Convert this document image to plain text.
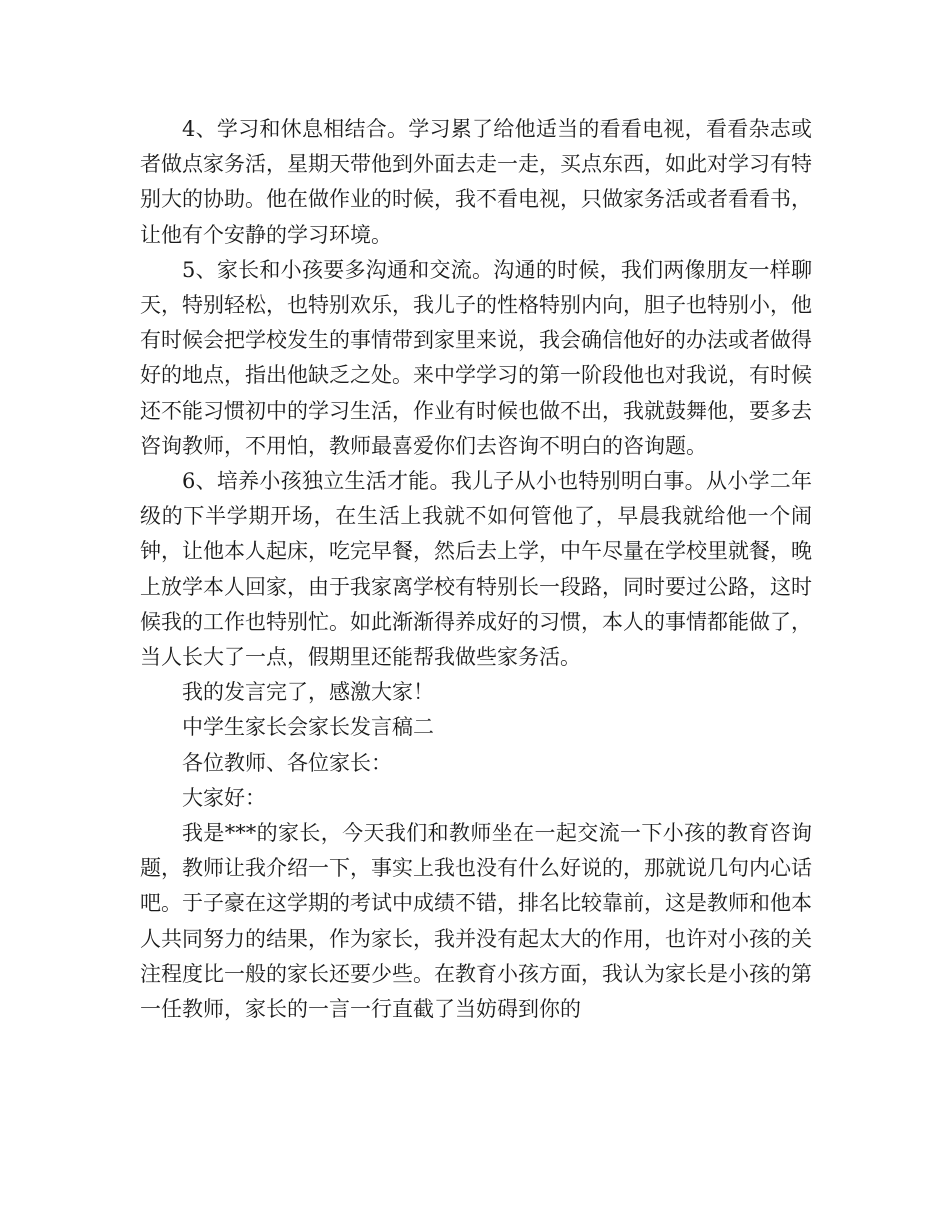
4、学习和休息相结合。学习累了给他适当的看看电视，看看杂志或者做点家务活，星期天带他到外面去走一走，买点东西，如此对学习有特别大的协助。他在做作业的时候，我不看电视，只做家务活或者看看书，让他有个安静的学习环境。

5、家长和小孩要多沟通和交流。沟通的时候，我们两像朋友一样聊天，特别轻松，也特别欢乐，我儿子的性格特别内向，胆子也特别小，他有时候会把学校发生的事情带到家里来说，我会确信他好的办法或者做得好的地点，指出他缺乏之处。来中学学习的第一阶段他也对我说，有时候还不能习惯初中的学习生活，作业有时候也做不出，我就鼓舞他，要多去咨询教师，不用怕，教师最喜爱你们去咨询不明白的咨询题。

6、培养小孩独立生活才能。我儿子从小也特别明白事。从小学二年级的下半学期开场，在生活上我就不如何管他了，早晨我就给他一个闹钟，让他本人起床，吃完早餐，然后去上学，中午尽量在学校里就餐，晚上放学本人回家，由于我家离学校有特别长一段路，同时要过公路，这时候我的工作也特别忙。如此渐渐得养成好的习惯，本人的事情都能做了，当人长大了一点，假期里还能帮我做些家务活。

我的发言完了，感激大家！

中学生家长会家长发言稿二

各位教师、各位家长：

大家好：

我是***的家长，今天我们和教师坐在一起交流一下小孩的教育咨询题，教师让我介绍一下，事实上我也没有什么好说的，那就说几句内心话吧。于子豪在这学期的考试中成绩不错，排名比较靠前，这是教师和他本人共同努力的结果，作为家长，我并没有起太大的作用，也许对小孩的关注程度比一般的家长还要少些。在教育小孩方面，我认为家长是小孩的第一任教师，家长的一言一行直截了当妨碍到你的
